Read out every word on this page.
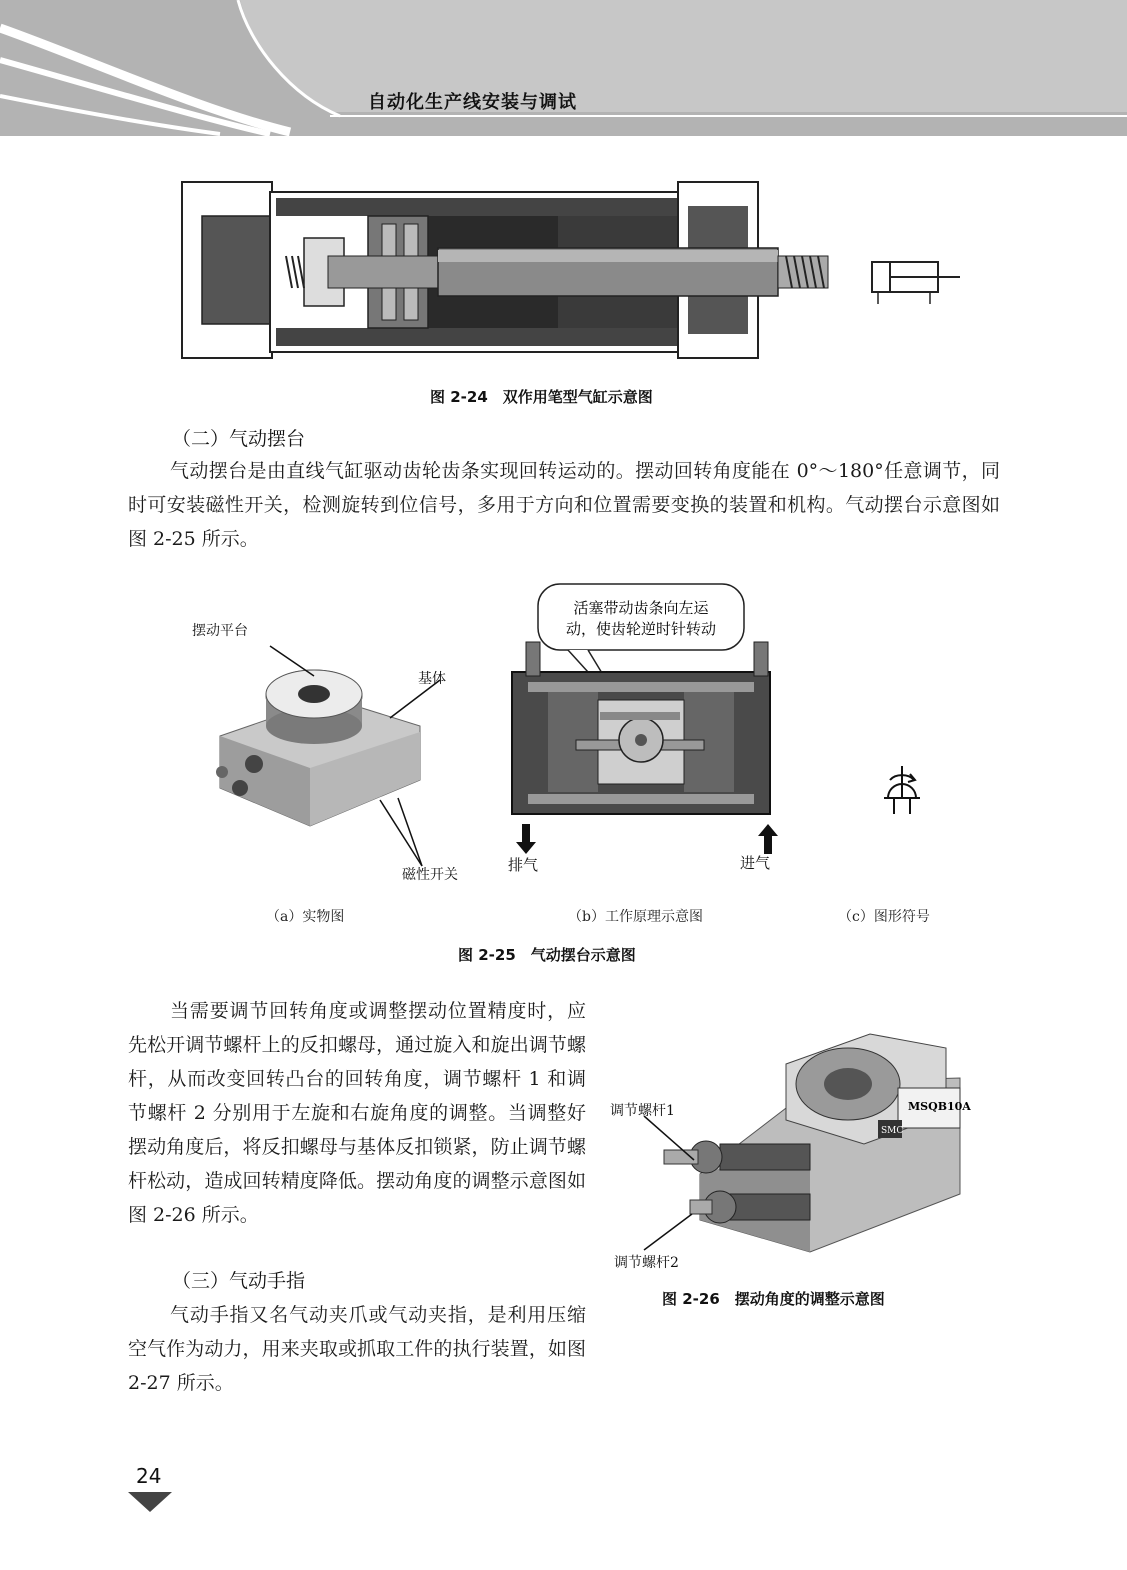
自动化生产线安装与调试
图 2-24　双作用笔型气缸示意图
（二）气动摆台
气动摆台是由直线气缸驱动齿轮齿条实现回转运动的。摆动回转角度能在 0°～180°任意调节，同时可安装磁性开关，检测旋转到位信号，多用于方向和位置需要变换的装置和机构。气动摆台示意图如图 2-25 所示。
摆动平台
基体
磁性开关
活塞带动齿条向左运
动，使齿轮逆时针转动
排气	进气
（a）实物图	（b）工作原理示意图	（c）图形符号
图 2-25　气动摆台示意图
当需要调节回转角度或调整摆动位置精度时，应先松开调节螺杆上的反扣螺母，通过旋入和旋出调节螺杆，从而改变回转凸台的回转角度，调节螺杆 1 和调节螺杆 2 分别用于左旋和右旋角度的调整。当调整好摆动角度后，将反扣螺母与基体反扣锁紧，防止调节螺杆松动，造成回转精度降低。摆动角度的调整示意图如图 2-26 所示。
MSQB10A
SMC
调节螺杆1
调节螺杆2
图 2-26　摆动角度的调整示意图
（三）气动手指
气动手指又名气动夹爪或气动夹指，是利用压缩空气作为动力，用来夹取或抓取工件的执行装置，如图 2-27 所示。
24
